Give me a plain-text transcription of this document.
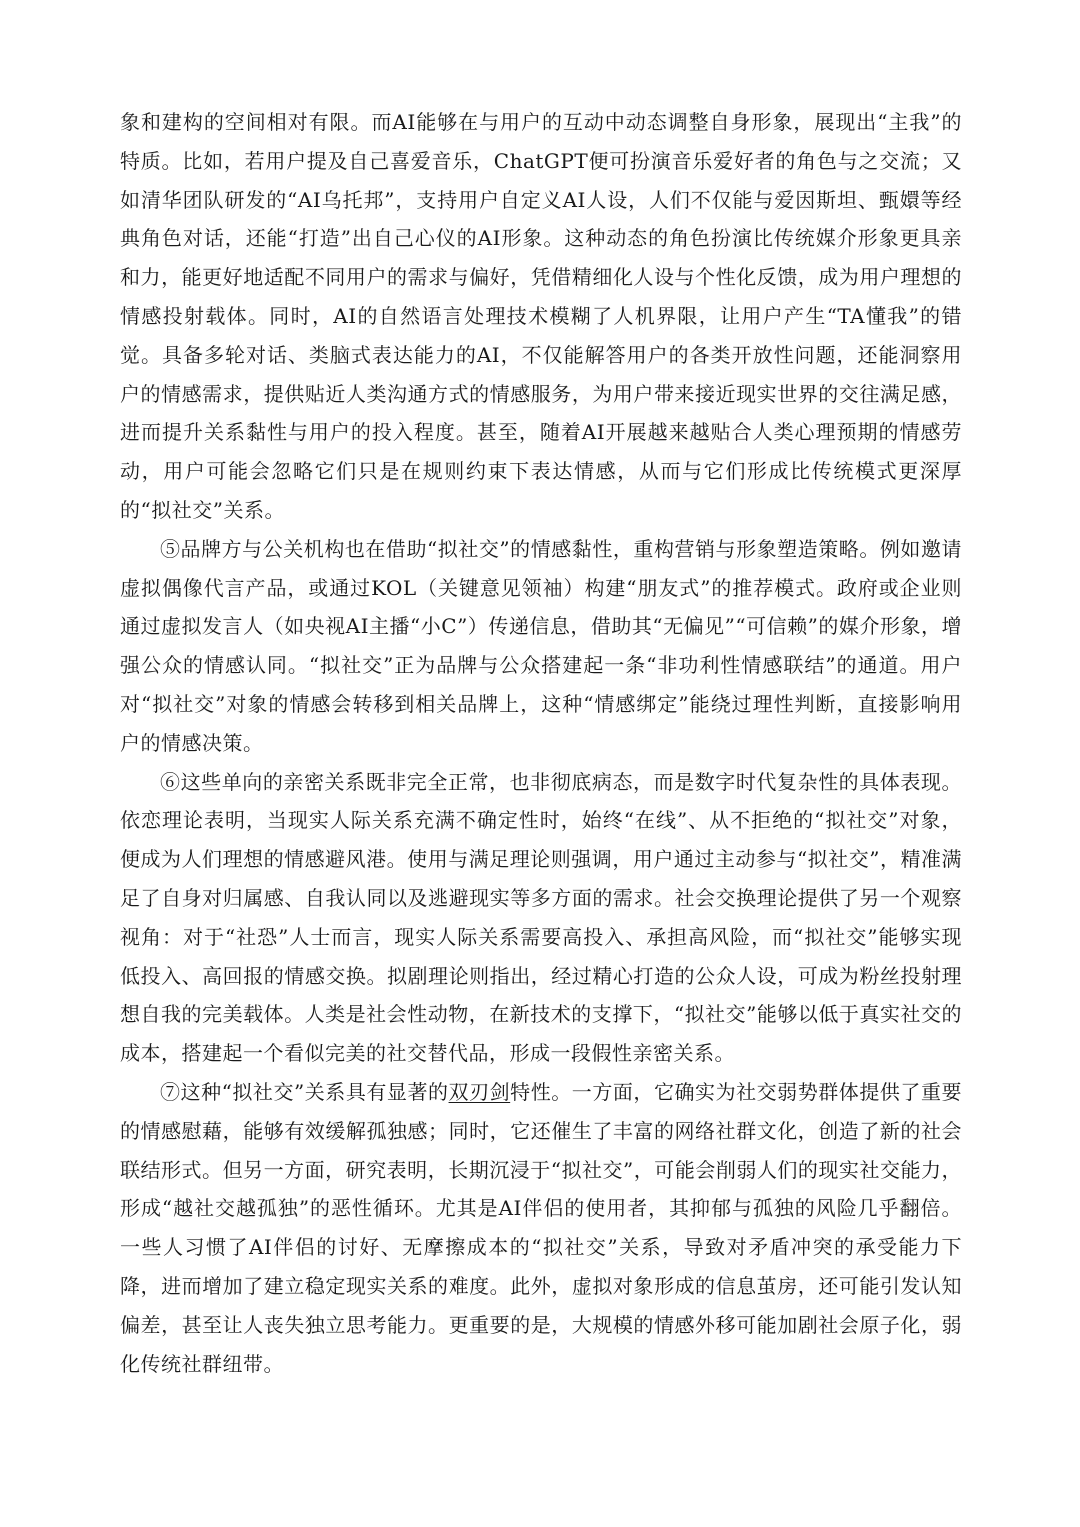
象和建构的空间相对有限。而AI能够在与用户的互动中动态调整自身形象，展现出“主我”的特质。比如，若用户提及自己喜爱音乐，ChatGPT便可扮演音乐爱好者的角色与之交流；又如清华团队研发的“AI乌托邦”，支持用户自定义AI人设，人们不仅能与爱因斯坦、甄嬛等经典角色对话，还能“打造”出自己心仪的AI形象。这种动态的角色扮演比传统媒介形象更具亲和力，能更好地适配不同用户的需求与偏好，凭借精细化人设与个性化反馈，成为用户理想的情感投射载体。同时，AI的自然语言处理技术模糊了人机界限，让用户产生“TA懂我”的错觉。具备多轮对话、类脑式表达能力的AI，不仅能解答用户的各类开放性问题，还能洞察用户的情感需求，提供贴近人类沟通方式的情感服务，为用户带来接近现实世界的交往满足感，进而提升关系黏性与用户的投入程度。甚至，随着AI开展越来越贴合人类心理预期的情感劳动，用户可能会忽略它们只是在规则约束下表达情感，从而与它们形成比传统模式更深厚的“拟社交”关系。

⑤品牌方与公关机构也在借助“拟社交”的情感黏性，重构营销与形象塑造策略。例如邀请虚拟偶像代言产品，或通过KOL（关键意见领袖）构建“朋友式”的推荐模式。政府或企业则通过虚拟发言人（如央视AI主播“小C”）传递信息，借助其“无偏见”“可信赖”的媒介形象，增强公众的情感认同。“拟社交”正为品牌与公众搭建起一条“非功利性情感联结”的通道。用户对“拟社交”对象的情感会转移到相关品牌上，这种“情感绑定”能绕过理性判断，直接影响用户的情感决策。

⑥这些单向的亲密关系既非完全正常，也非彻底病态，而是数字时代复杂性的具体表现。依恋理论表明，当现实人际关系充满不确定性时，始终“在线”、从不拒绝的“拟社交”对象，便成为人们理想的情感避风港。使用与满足理论则强调，用户通过主动参与“拟社交”，精准满足了自身对归属感、自我认同以及逃避现实等多方面的需求。社会交换理论提供了另一个观察视角：对于“社恐”人士而言，现实人际关系需要高投入、承担高风险，而“拟社交”能够实现低投入、高回报的情感交换。拟剧理论则指出，经过精心打造的公众人设，可成为粉丝投射理想自我的完美载体。人类是社会性动物，在新技术的支撑下，“拟社交”能够以低于真实社交的成本，搭建起一个看似完美的社交替代品，形成一段假性亲密关系。

⑦这种“拟社交”关系具有显著的双刃剑特性。一方面，它确实为社交弱势群体提供了重要的情感慰藉，能够有效缓解孤独感；同时，它还催生了丰富的网络社群文化，创造了新的社会联结形式。但另一方面，研究表明，长期沉浸于“拟社交”，可能会削弱人们的现实社交能力，形成“越社交越孤独”的恶性循环。尤其是AI伴侣的使用者，其抑郁与孤独的风险几乎翻倍。一些人习惯了AI伴侣的讨好、无摩擦成本的“拟社交”关系，导致对矛盾冲突的承受能力下降，进而增加了建立稳定现实关系的难度。此外，虚拟对象形成的信息茧房，还可能引发认知偏差，甚至让人丧失独立思考能力。更重要的是，大规模的情感外移可能加剧社会原子化，弱化传统社群纽带。
